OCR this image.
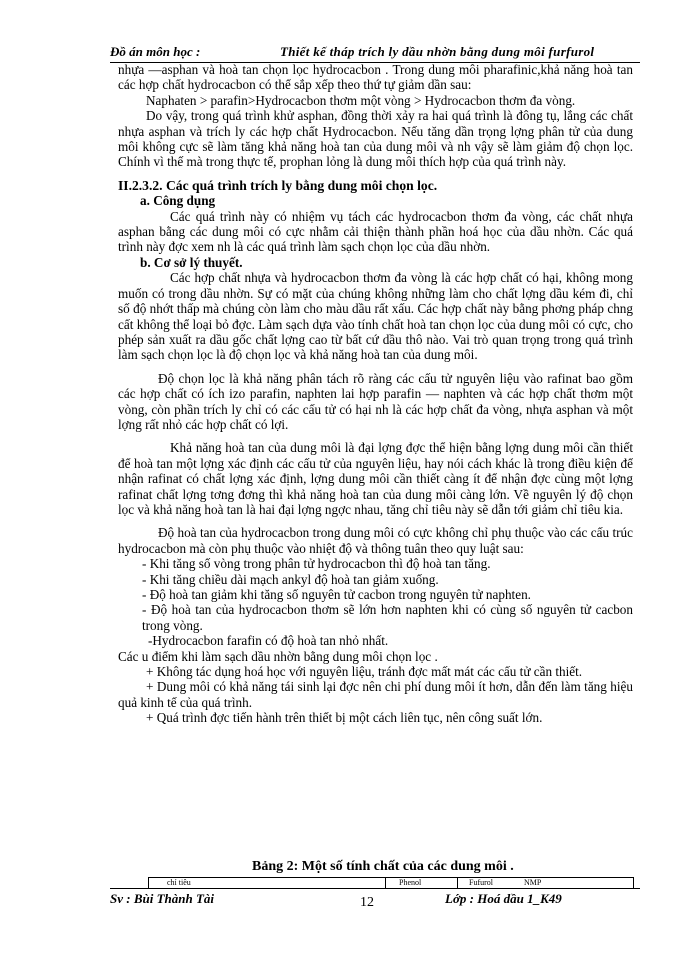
Đồ án môn học :	Thiết kế tháp trích ly dầu nhờn bằng dung môi furfurol

nhựa —asphan và hoà tan chọn lọc hydrocacbon . Trong dung môi pharafinic,khả năng hoà tan các hợp chất hydrocacbon có thể sắp xếp theo thứ tự giảm dần sau:

Naphaten > parafin>Hydrocacbon thơm một vòng > Hydrocacbon thơm đa vòng.

Do vậy, trong quá trình khử asphan, đồng thời xảy ra hai quá trình là đông tụ, lắng các chất nhựa asphan và trích ly các hợp chất Hydrocacbon. Nếu tăng dần trọng lợng phân tử của dung môi không cực sẽ làm tăng khả năng hoà tan của dung môi và nh vậy sẽ làm giảm độ chọn lọc. Chính vì thế mà trong thực tế, prophan lỏng là dung môi thích hợp của quá trình này.

II.2.3.2. Các quá trình trích ly bằng dung môi chọn lọc.

a. Công dụng

Các quá trình này có nhiệm vụ tách các hydrocacbon thơm đa vòng, các chất nhựa asphan bằng các dung môi có cực nhằm cải thiện thành phần hoá học của dầu nhờn. Các quá trình này đợc xem nh là các quá trình làm sạch chọn lọc của dầu nhờn.

b. Cơ sở lý thuyết.

Các hợp chất nhựa và hydrocacbon thơm đa vòng là các hợp chất có hại, không mong muốn có trong dầu nhờn. Sự có mặt của chúng không những làm cho chất lợng dầu kém đi, chỉ số độ nhớt thấp mà chúng còn làm cho màu dầu rất xấu. Các hợp chất này bằng phơng pháp chng cất không thể loại bỏ đợc. Làm sạch dựa vào tính chất hoà tan chọn lọc của dung môi có cực, cho phép sản xuất ra dầu gốc chất lợng cao từ bất cứ dầu thô nào. Vai trò quan trọng trong quá trình làm sạch chọn lọc là độ chọn lọc và khả năng hoà tan của dung môi.

Độ chọn lọc là khả năng phân tách rõ ràng các cấu tử nguyên liệu vào rafinat bao gồm các hợp chất có ích izo parafin, naphten lai hợp parafin — naphten và các hợp chất thơm một vòng, còn phần trích ly chỉ có các cấu tử có hại nh là các hợp chất đa vòng, nhựa asphan và một lợng rất nhỏ các hợp chất có lợi.

Khả năng hoà tan của dung môi là đại lợng đợc thể hiện bằng lợng dung môi cần thiết để hoà tan một lợng xác định các cấu tử của nguyên liệu, hay nói cách khác là trong điều kiện để nhận rafinat có chất lợng xác định, lợng dung môi cần thiết càng ít để nhận đợc cùng một lợng rafinat chất lợng tơng đơng thì khả năng hoà tan của dung môi càng lớn. Về nguyên lý độ chọn lọc và khả năng hoà tan là hai đại lợng ngợc nhau, tăng chỉ tiêu này sẽ dẫn tới giảm chỉ tiêu kia.

Độ hoà tan của hydrocacbon trong dung môi có cực không chỉ phụ thuộc vào các cấu trúc hydrocacbon mà còn phụ thuộc vào nhiệt độ và thông tuân theo quy luật sau:

- Khi tăng số vòng trong phân tử hydrocacbon thì độ hoà tan tăng.

- Khi tăng chiều dài mạch ankyl độ hoà tan giảm xuống.

- Độ hoà tan giảm khi tăng số nguyên tử cacbon trong nguyên tử naphten.

- Độ hoà tan của hydrocacbon thơm sẽ lớn hơn naphten khi có cùng số nguyên tử cacbon trong vòng.

-Hydrocacbon farafin có độ hoà tan nhỏ nhất.

Các u điểm khi làm sạch dầu nhờn bằng dung môi chọn lọc .

+ Không tác dụng hoá học với nguyên liệu, tránh đợc mất mát các cấu tử cần thiết.

+ Dung môi có khả năng tái sinh lại đợc nên chi phí dung môi ít hơn, dẫn đến làm tăng hiệu quả kinh tế của quá trình.

+ Quá trình đợc tiến hành trên thiết bị một cách liên tục, nên công suất lớn.

Bảng 2: Một số tính chất của các dung môi .
chỉ tiêu	Phenol	Fufurol	NMP
Sv : Bùi Thành Tài	12	Lớp : Hoá dầu 1_K49
